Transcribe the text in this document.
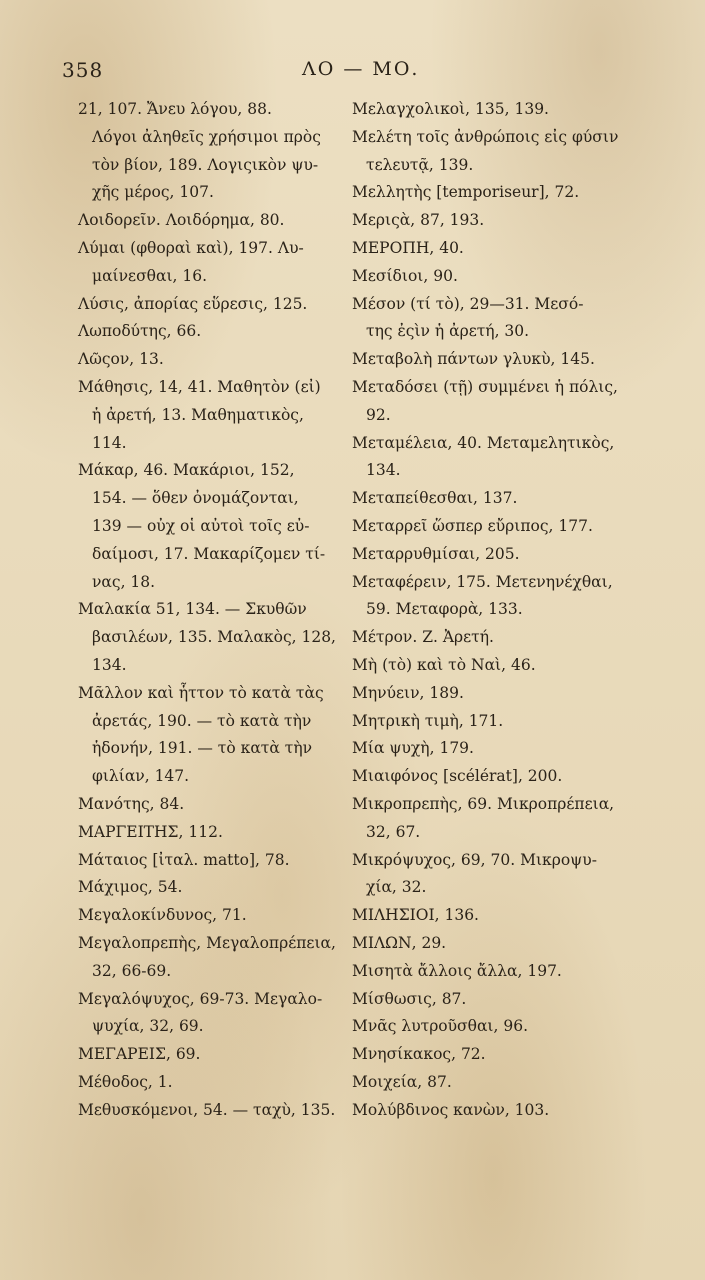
358	ΛΟ — ΜΟ.
21, 107. Ἄνευ λόγου, 88.
Λόγοι ἀληθεῖς χρήσιμοι πρὸς
τὸν βίον, 189. Λογιςικὸν ψυ-
χῆς μέρος, 107.
Λοιδορεῖν. Λοιδόρημα, 80.
Λύμαι (φθοραὶ καὶ), 197. Λυ-
μαίνεσθαι, 16.
Λύσις, ἀπορίας εὕρεσις, 125.
Λωποδύτης, 66.
Λῶςον, 13.
Μάθησις, 14, 41. Μαθητὸν (εἰ)
ἡ ἀρετή, 13. Μαθηματικὸς,
114.
Μάκαρ, 46. Μακάριοι, 152,
154. — ὅθεν ὀνομάζονται,
139 — οὐχ οἱ αὐτοὶ τοῖς εὐ-
δαίμοσι, 17. Μακαρίζομεν τί-
νας, 18.
Μαλακία 51, 134. — Σκυθῶν
βασιλέων, 135. Μαλακὸς, 128,
134.
Μᾶλλον καὶ ἧττον τὸ κατὰ τὰς
ἀρετάς, 190. — τὸ κατὰ τὴν
ἡδονήν, 191. — τὸ κατὰ τὴν
φιλίαν, 147.
Μανότης, 84.
ΜΑΡΓΕΙΤΗΣ, 112.
Μάταιος [ἰταλ. matto], 78.
Μάχιμος, 54.
Μεγαλοκίνδυνος, 71.
Μεγαλοπρεπὴς, Μεγαλοπρέπεια,
32, 66-69.
Μεγαλόψυχος, 69-73. Μεγαλο-
ψυχία, 32, 69.
ΜΕΓΑΡΕΙΣ, 69.
Μέθοδος, 1.
Μεθυσκόμενοι, 54. — ταχὺ, 135.
Μελαγχολικοὶ, 135, 139.
Μελέτη τοῖς ἀνθρώποις εἰς φύσιν
τελευτᾷ, 139.
Μελλητὴς [temporiseur], 72.
Μεριςὰ, 87, 193.
ΜΕΡΟΠΗ, 40.
Μεσίδιοι, 90.
Μέσον (τί τὸ), 29—31. Μεσό-
της ἐςὶν ἡ ἀρετή, 30.
Μεταβολὴ πάντων γλυκὺ, 145.
Μεταδόσει (τῇ) συμμένει ἡ πόλις,
92.
Μεταμέλεια, 40. Μεταμελητικὸς,
134.
Μεταπείθεσθαι, 137.
Μεταρρεῖ ὥσπερ εὔριπος, 177.
Μεταρρυθμίσαι, 205.
Μεταφέρειν, 175. Μετενηνέχθαι,
59. Μεταφορὰ, 133.
Μέτρον. Ζ. Ἀρετή.
Μὴ (τὸ) καὶ τὸ Ναὶ, 46.
Μηνύειν, 189.
Μητρικὴ τιμὴ, 171.
Μία ψυχὴ, 179.
Μιαιφόνος [scélérat], 200.
Μικροπρεπὴς, 69. Μικροπρέπεια,
32, 67.
Μικρόψυχος, 69, 70. Μικροψυ-
χία, 32.
ΜΙΛΗΣΙΟΙ, 136.
ΜΙΛΩΝ, 29.
Μισητὰ ἄλλοις ἄλλα, 197.
Μίσθωσις, 87.
Μνᾶς λυτροῦσθαι, 96.
Μνησίκακος, 72.
Μοιχεία, 87.
Μολύβδινος κανὼν, 103.
